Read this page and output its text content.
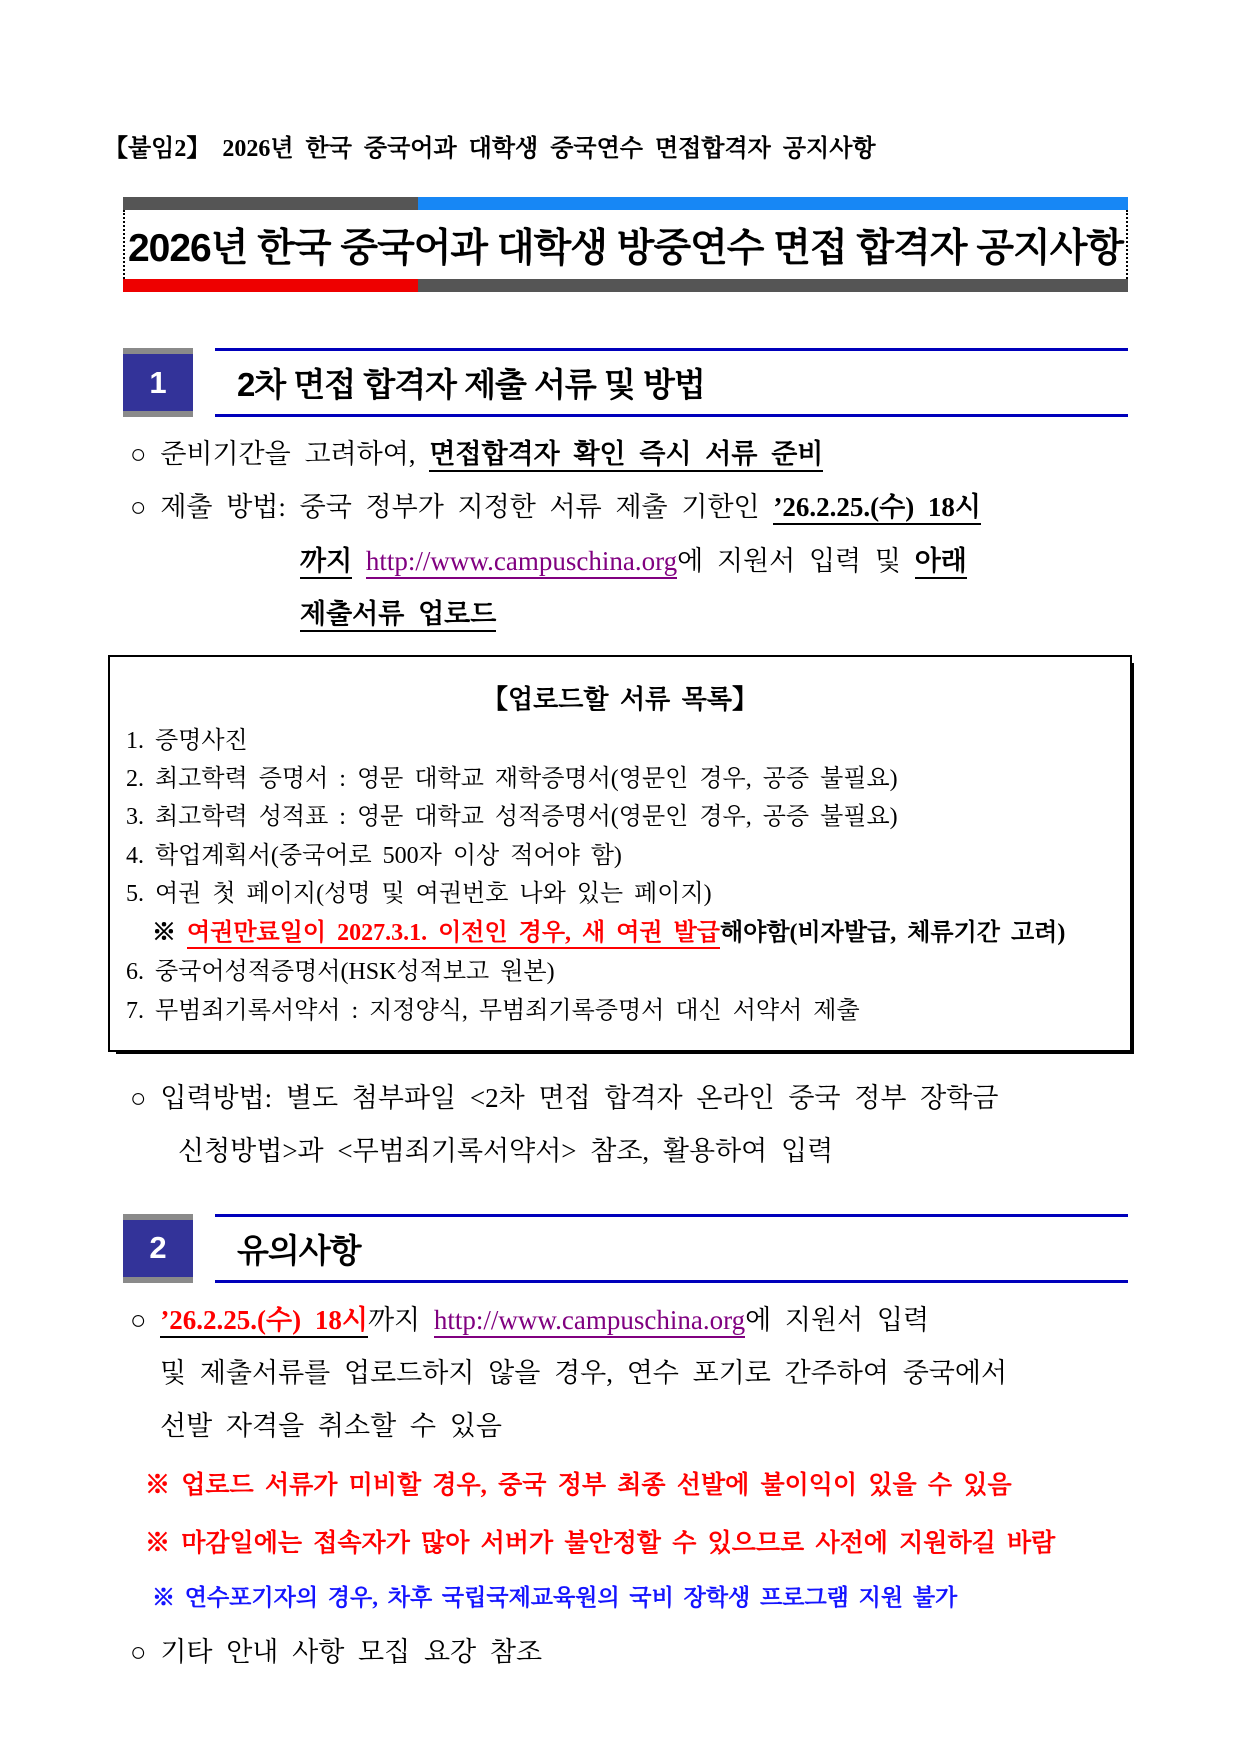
【붙임2】 2026년 한국 중국어과 대학생 중국연수 면접합격자 공지사항
2026년 한국 중국어과 대학생 방중연수 면접 합격자 공지사항
1	2차 면접 합격자 제출 서류 및 방법
○ 준비기간을 고려하여, 면접합격자 확인 즉시 서류 준비
○ 제출 방법: 중국 정부가 지정한 서류 제출 기한인 ’26.2.25.(수) 18시
까지 http://www.campuschina.org에 지원서 입력 및 아래
제출서류 업로드
【업로드할 서류 목록】
1. 증명사진
2. 최고학력 증명서 : 영문 대학교 재학증명서(영문인 경우, 공증 불필요)
3. 최고학력 성적표 : 영문 대학교 성적증명서(영문인 경우, 공증 불필요)
4. 학업계획서(중국어로 500자 이상 적어야 함)
5. 여권 첫 페이지(성명 및 여권번호 나와 있는 페이지)
※ 여권만료일이 2027.3.1. 이전인 경우, 새 여권 발급해야함(비자발급, 체류기간 고려)
6. 중국어성적증명서(HSK성적보고 원본)
7. 무범죄기록서약서 : 지정양식, 무범죄기록증명서 대신 서약서 제출
○ 입력방법: 별도 첨부파일 <2차 면접 합격자 온라인 중국 정부 장학금
신청방법>과 <무범죄기록서약서> 참조, 활용하여 입력
2	유의사항
○ ’26.2.25.(수) 18시까지 http://www.campuschina.org에 지원서 입력
및 제출서류를 업로드하지 않을 경우, 연수 포기로 간주하여 중국에서
선발 자격을 취소할 수 있음
※ 업로드 서류가 미비할 경우, 중국 정부 최종 선발에 불이익이 있을 수 있음
※ 마감일에는 접속자가 많아 서버가 불안정할 수 있으므로 사전에 지원하길 바람
※ 연수포기자의 경우, 차후 국립국제교육원의 국비 장학생 프로그램 지원 불가
○ 기타 안내 사항 모집 요강 참조
